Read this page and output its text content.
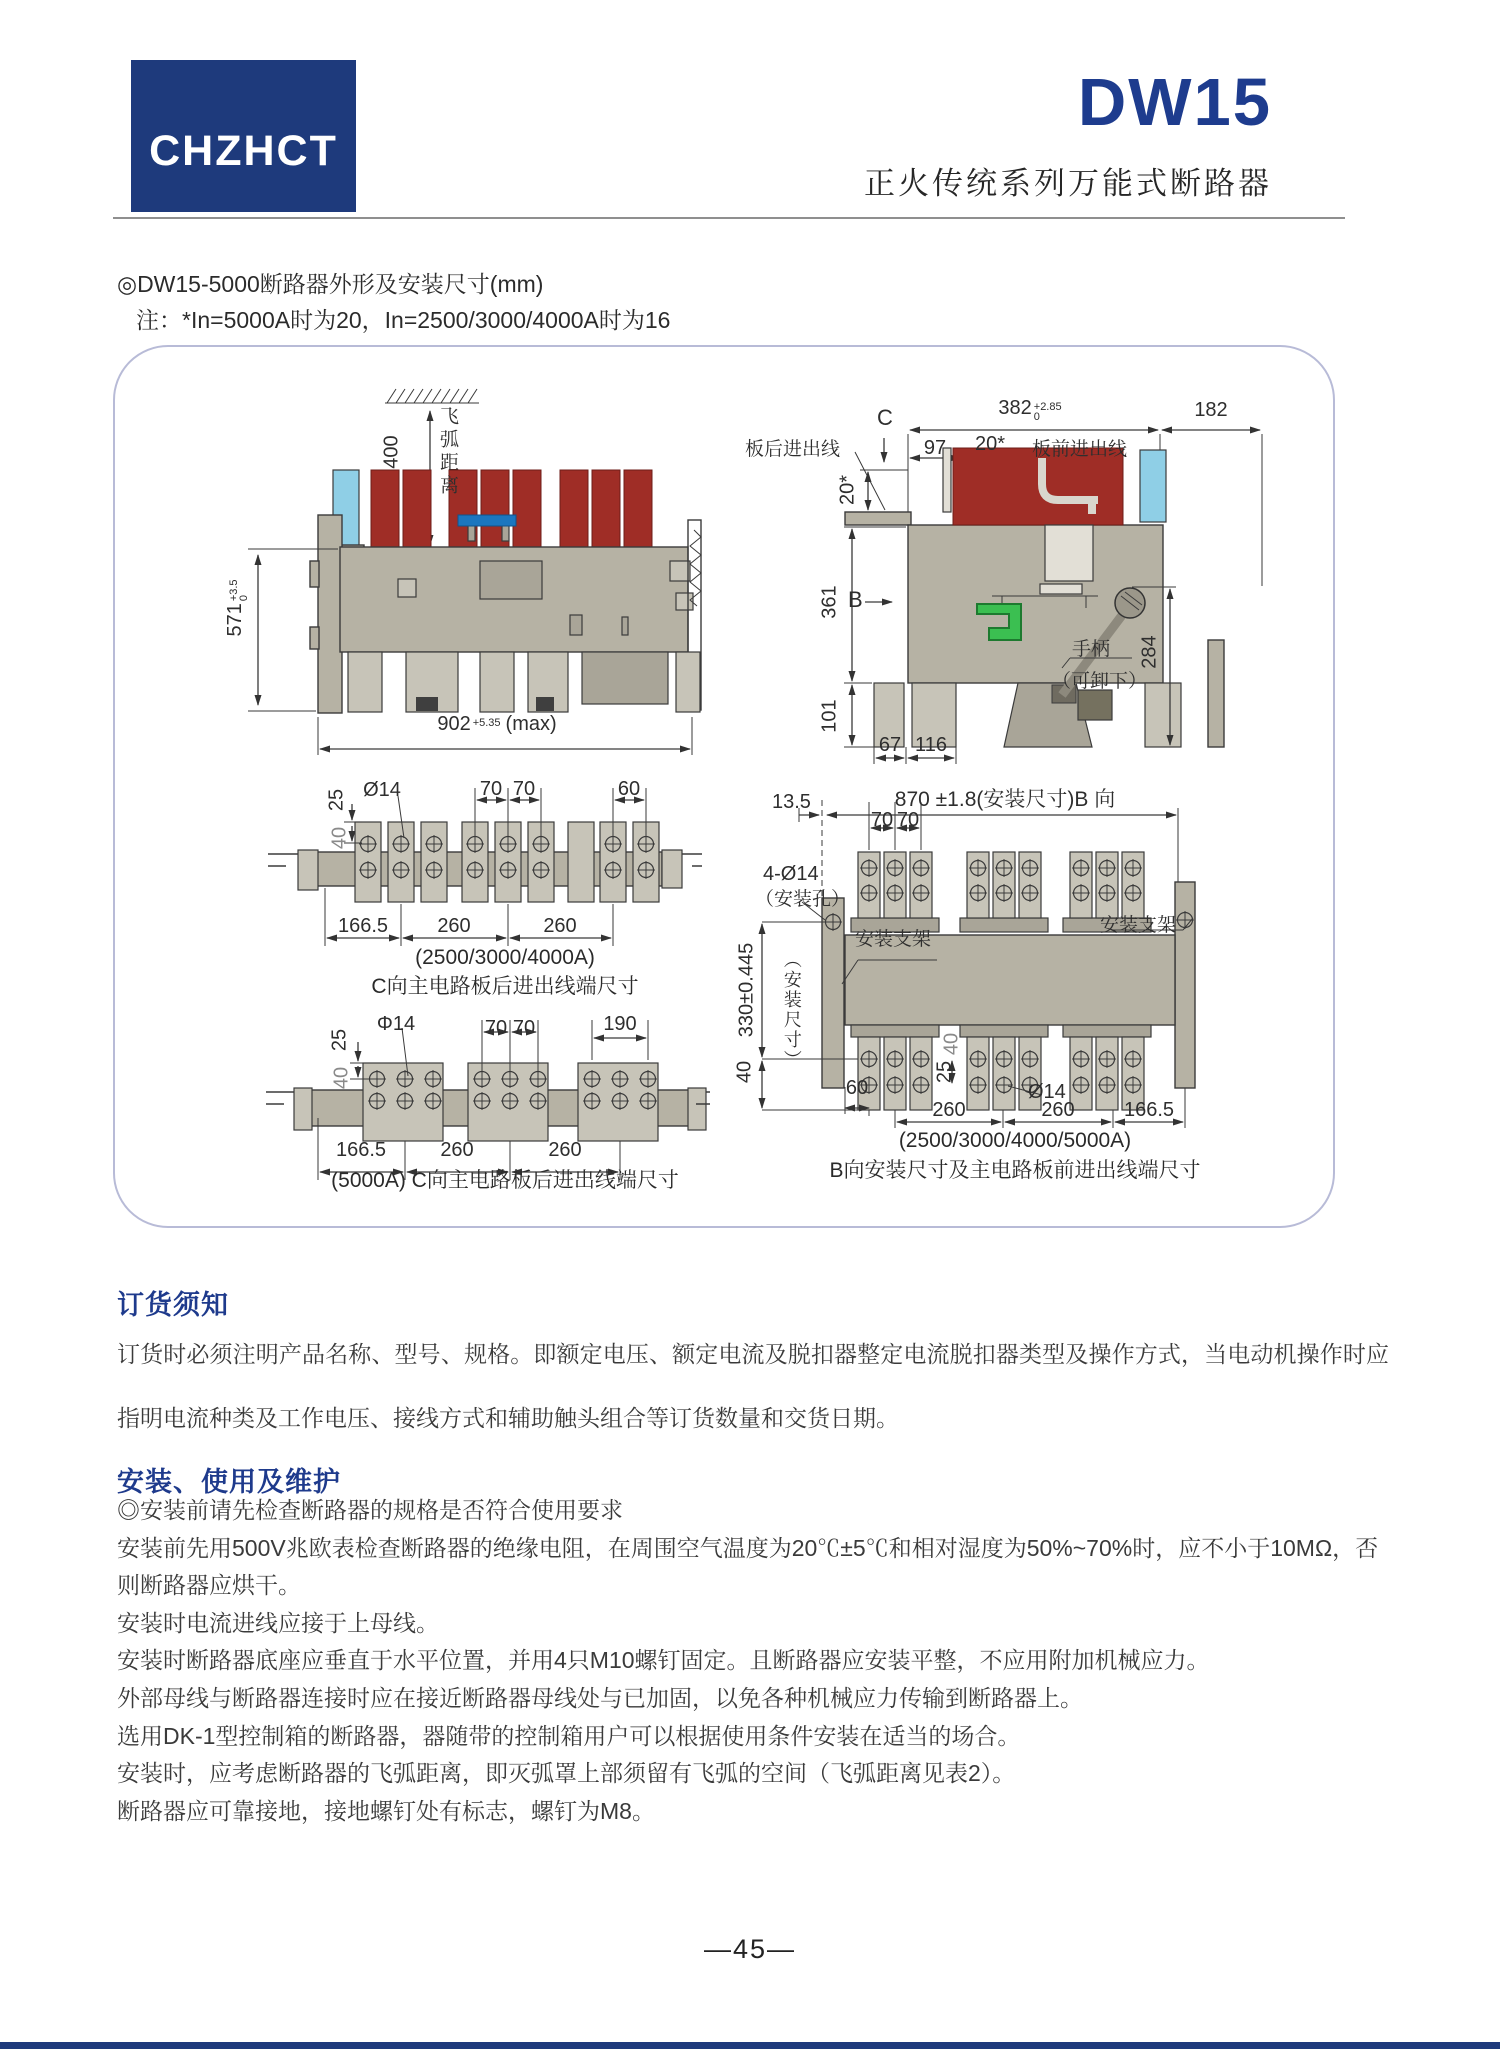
CHZHCT
DW15
正火传统系列万能式断路器
◎DW15-5000断路器外形及安装尺寸(mm)
注：*In=5000A时为20，In=2500/3000/4000A时为16
400 飞弧距离
571
+3.5
0
902 +5.35 (max)
C	382 +2.85
0	182
97 20*
板后进出线	板前进出线
20*
B
361
101
67 116
手柄
（可卸下）
284
Ø14
25
40
70 70	60
166.5 260	260
(2500/3000/4000A)
C向主电路板后进出线端尺寸
Φ14
25
40
70 70	190
166.5	260	260
(5000A) C向主电路板后进出线端尺寸
13.5	870 ±1.8(安装尺寸)B 向
70 70
4-Ø14
（安装孔）
安装支架
安装支架
330±0.445 （安装尺寸）
40
60
25
40
Ø14
260	260 166.5
(2500/3000/4000/5000A)
B向安装尺寸及主电路板前进出线端尺寸
订货须知
订货时必须注明产品名称、型号、规格。即额定电压、额定电流及脱扣器整定电流脱扣器类型及操作方式，当电动机操作时应指明电流种类及工作电压、接线方式和辅助触头组合等订货数量和交货日期。
安装、使用及维护
◎安装前请先检查断路器的规格是否符合使用要求
安装前先用500V兆欧表检查断路器的绝缘电阻，在周围空气温度为20℃±5℃和相对湿度为50%~70%时，应不小于10MΩ，否
则断路器应烘干。
安装时电流进线应接于上母线。
安装时断路器底座应垂直于水平位置，并用4只M10螺钉固定。且断路器应安装平整，不应用附加机械应力。
外部母线与断路器连接时应在接近断路器母线处与已加固，以免各种机械应力传输到断路器上。
选用DK-1型控制箱的断路器，器随带的控制箱用户可以根据使用条件安装在适当的场合。
安装时，应考虑断路器的飞弧距离，即灭弧罩上部须留有飞弧的空间（飞弧距离见表2）。
断路器应可靠接地，接地螺钉处有标志，螺钉为M8。
—45—
